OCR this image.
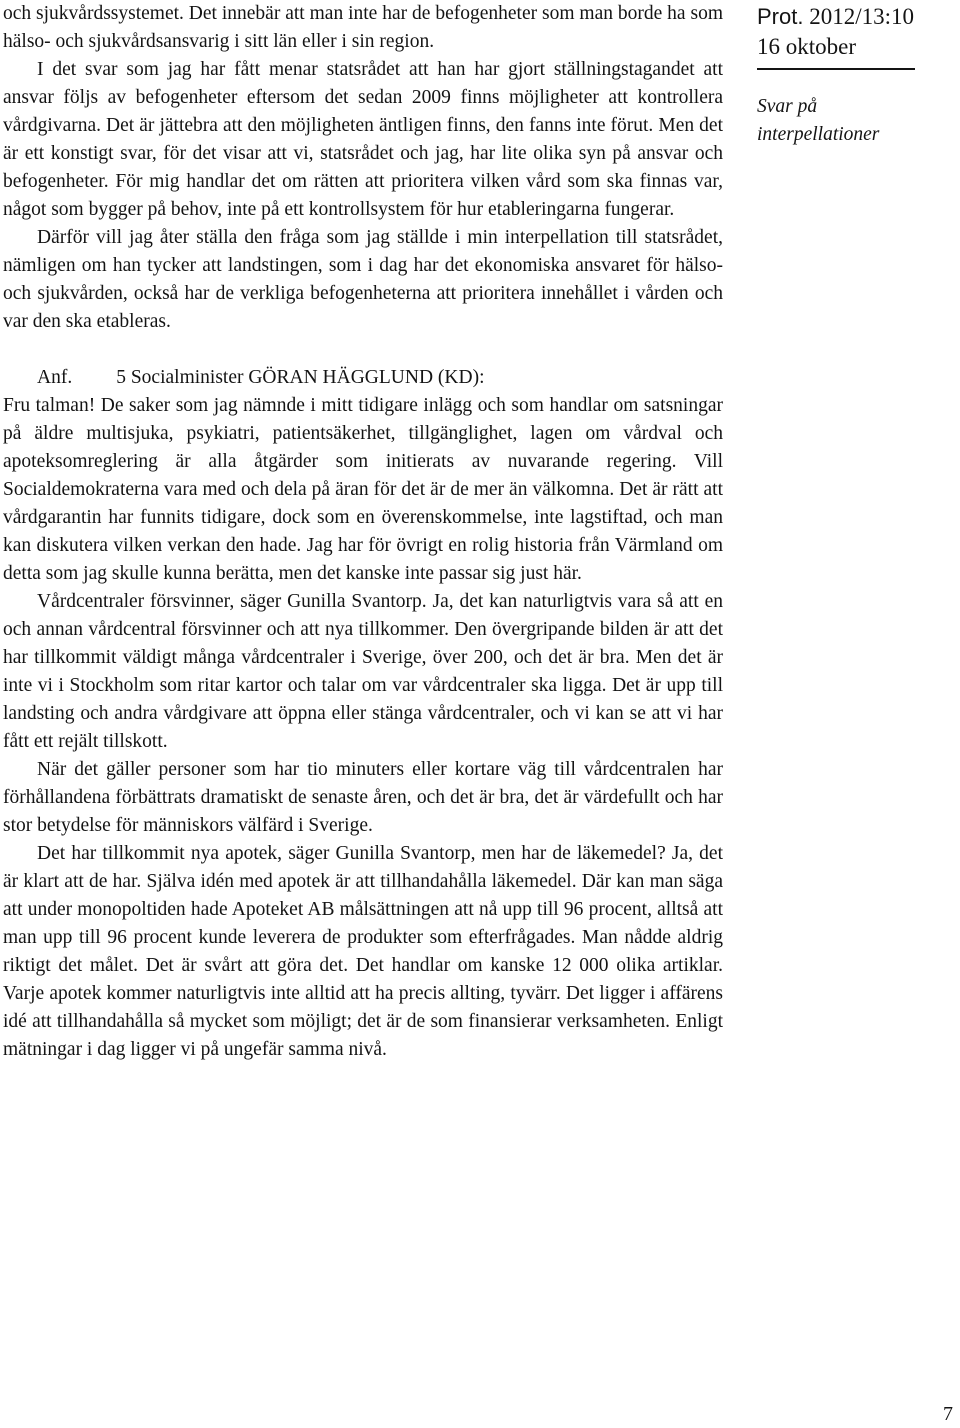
och sjukvårdssystemet. Det innebär att man inte har de befogenheter som man borde ha som hälso- och sjukvårdsansvarig i sitt län eller i sin region.

I det svar som jag har fått menar statsrådet att han har gjort ställningstagandet att ansvar följs av befogenheter eftersom det sedan 2009 finns möjligheter att kontrollera vårdgivarna. Det är jättebra att den möjligheten äntligen finns, den fanns inte förut. Men det är ett konstigt svar, för det visar att vi, statsrådet och jag, har lite olika syn på ansvar och befogenheter. För mig handlar det om rätten att prioritera vilken vård som ska finnas var, något som bygger på behov, inte på ett kontrollsystem för hur etableringarna fungerar.

Därför vill jag åter ställa den fråga som jag ställde i min interpellation till statsrådet, nämligen om han tycker att landstingen, som i dag har det ekonomiska ansvaret för hälso- och sjukvården, också har de verkliga befogenheterna att prioritera innehållet i vården och var den ska etableras.

Anf. 5 Socialminister GÖRAN HÄGGLUND (KD):

Fru talman! De saker som jag nämnde i mitt tidigare inlägg och som handlar om satsningar på äldre multisjuka, psykiatri, patientsäkerhet, tillgänglighet, lagen om vårdval och apoteksomreglering är alla åtgärder som initierats av nuvarande regering. Vill Socialdemokraterna vara med och dela på äran för det är de mer än välkomna. Det är rätt att vårdgarantin har funnits tidigare, dock som en överenskommelse, inte lagstiftad, och man kan diskutera vilken verkan den hade. Jag har för övrigt en rolig historia från Värmland om detta som jag skulle kunna berätta, men det kanske inte passar sig just här.

Vårdcentraler försvinner, säger Gunilla Svantorp. Ja, det kan naturligtvis vara så att en och annan vårdcentral försvinner och att nya tillkommer. Den övergripande bilden är att det har tillkommit väldigt många vårdcentraler i Sverige, över 200, och det är bra. Men det är inte vi i Stockholm som ritar kartor och talar om var vårdcentraler ska ligga. Det är upp till landsting och andra vårdgivare att öppna eller stänga vårdcentraler, och vi kan se att vi har fått ett rejält tillskott.

När det gäller personer som har tio minuters eller kortare väg till vårdcentralen har förhållandena förbättrats dramatiskt de senaste åren, och det är bra, det är värdefullt och har stor betydelse för människors välfärd i Sverige.

Det har tillkommit nya apotek, säger Gunilla Svantorp, men har de läkemedel? Ja, det är klart att de har. Själva idén med apotek är att tillhandahålla läkemedel. Där kan man säga att under monopoltiden hade Apoteket AB målsättningen att nå upp till 96 procent, alltså att man upp till 96 procent kunde leverera de produkter som efterfrågades. Man nådde aldrig riktigt det målet. Det är svårt att göra det. Det handlar om kanske 12 000 olika artiklar. Varje apotek kommer naturligtvis inte alltid att ha precis allting, tyvärr. Det ligger i affärens idé att tillhandahålla så mycket som möjligt; det är de som finansierar verksamheten. Enligt mätningar i dag ligger vi på ungefär samma nivå.

Prot. 2012/13:10
16 oktober
Svar på interpellationer
7
